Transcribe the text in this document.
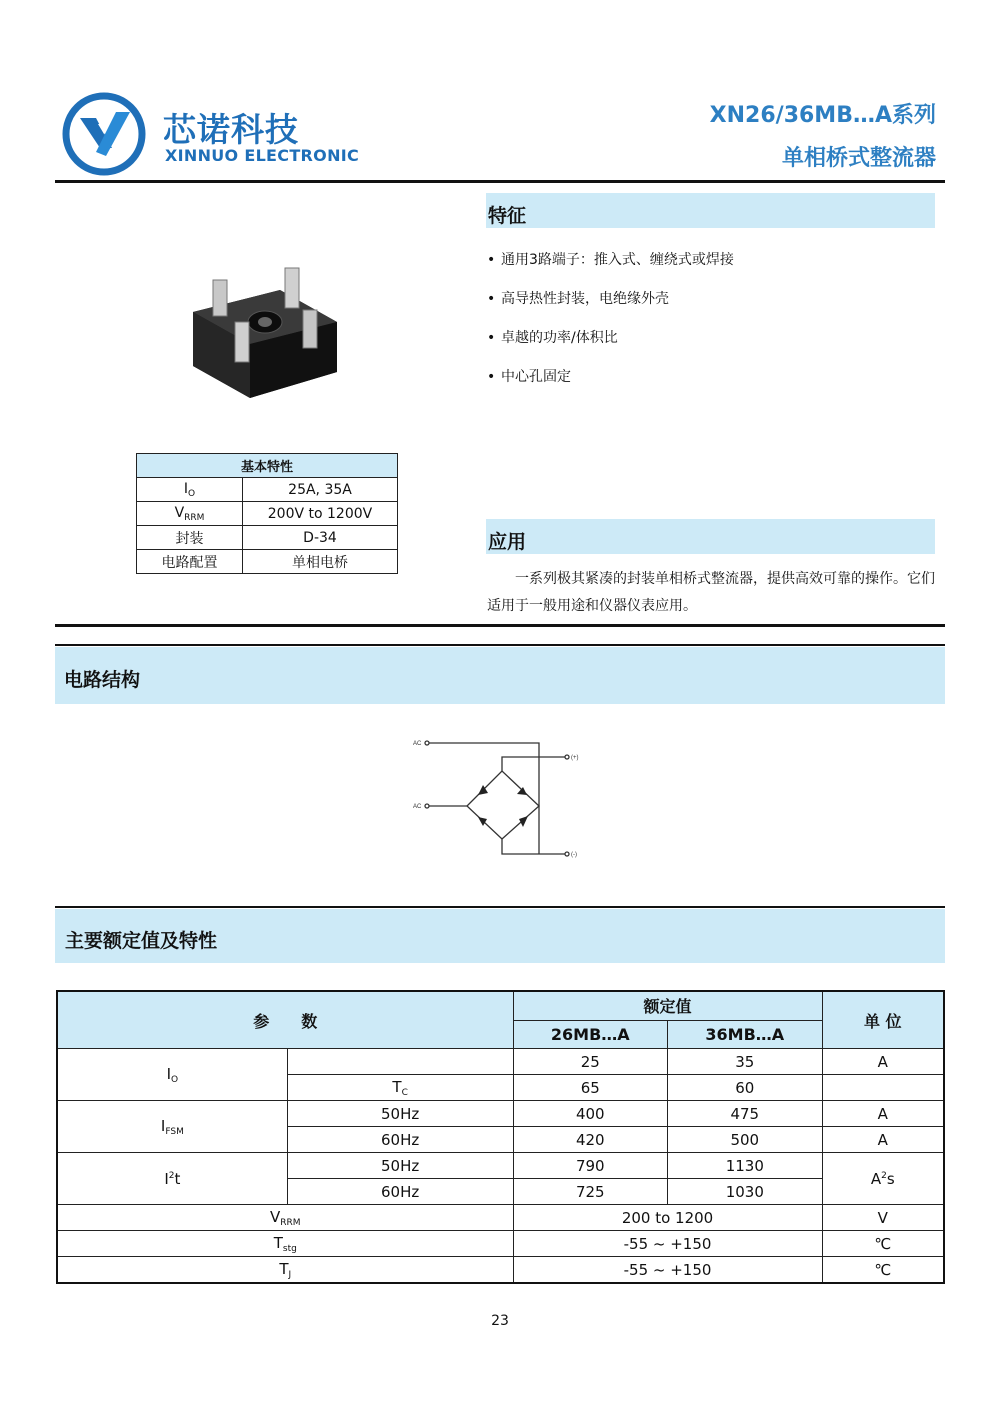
芯诺科技
XINNUO ELECTRONIC
XN26/36MB…A系列
单相桥式整流器
基本特性	
$I_O$	25A, 35A
$V_{RRM}$	200V to 1200V
封装	D-34
电路配置	单相电桥
特征
• 通用3路端子：推入式、缠绕式或焊接
• 高导热性封装，电绝缘外壳
• 卓越的功率/体积比
• 中心孔固定
应用
一系列极其紧凑的封装单相桥式整流器，提供高效可靠的操作。它们适用于一般用途和仪器仪表应用。
电路结构
AC
AC
(+)
(-)
主要额定值及特性
参　　数		额定值		单 位
		26MB…A	36MB…A	
$I_O$		25	35	A
	$T_C$	65	60	
$I_{FSM}$	50Hz	400	475	A
	60Hz	420	500	A
$I^2t$	50Hz	790	1130	$A^2s$
	60Hz	725	1030	
$V_{RRM}$		200 to 1200		V
$T_{stg}$		-55 ~ +150		℃
$T_J$		-55 ~ +150		℃
23
